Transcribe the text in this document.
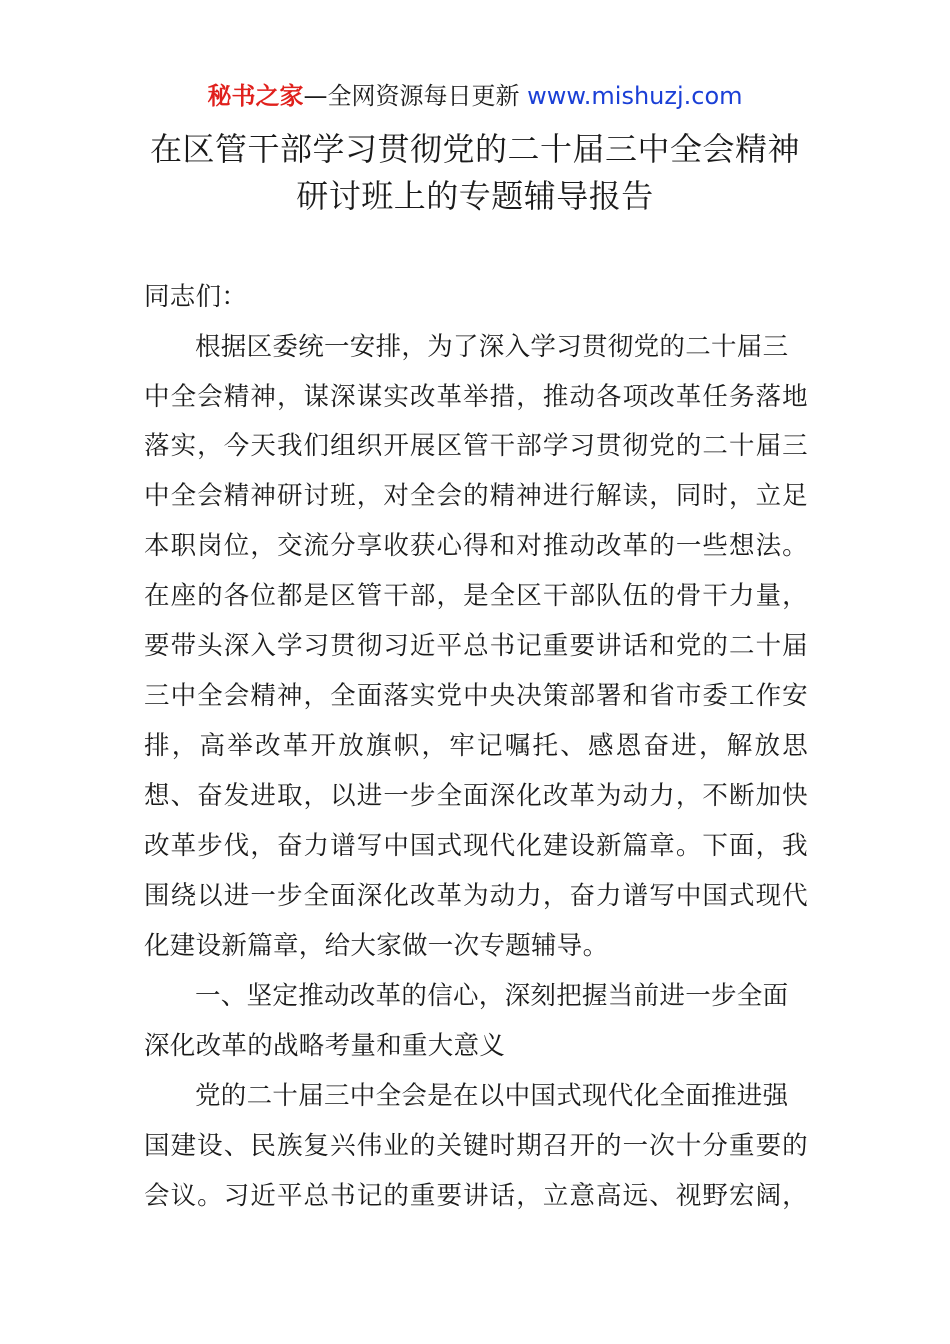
秘书之家—全网资源每日更新 www.mishuzj.com
在区管干部学习贯彻党的二十届三中全会精神
研讨班上的专题辅导报告
同志们：
根据区委统一安排，为了深入学习贯彻党的二十届三
中全会精神，谋深谋实改革举措，推动各项改革任务落地
落实，今天我们组织开展区管干部学习贯彻党的二十届三
中全会精神研讨班，对全会的精神进行解读，同时，立足
本职岗位，交流分享收获心得和对推动改革的一些想法。
在座的各位都是区管干部，是全区干部队伍的骨干力量，
要带头深入学习贯彻习近平总书记重要讲话和党的二十届
三中全会精神，全面落实党中央决策部署和省市委工作安
排，高举改革开放旗帜，牢记嘱托、感恩奋进，解放思
想、奋发进取，以进一步全面深化改革为动力，不断加快
改革步伐，奋力谱写中国式现代化建设新篇章。下面，我
围绕以进一步全面深化改革为动力，奋力谱写中国式现代
化建设新篇章，给大家做一次专题辅导。
一、坚定推动改革的信心，深刻把握当前进一步全面
深化改革的战略考量和重大意义
党的二十届三中全会是在以中国式现代化全面推进强
国建设、民族复兴伟业的关键时期召开的一次十分重要的
会议。习近平总书记的重要讲话，立意高远、视野宏阔，
